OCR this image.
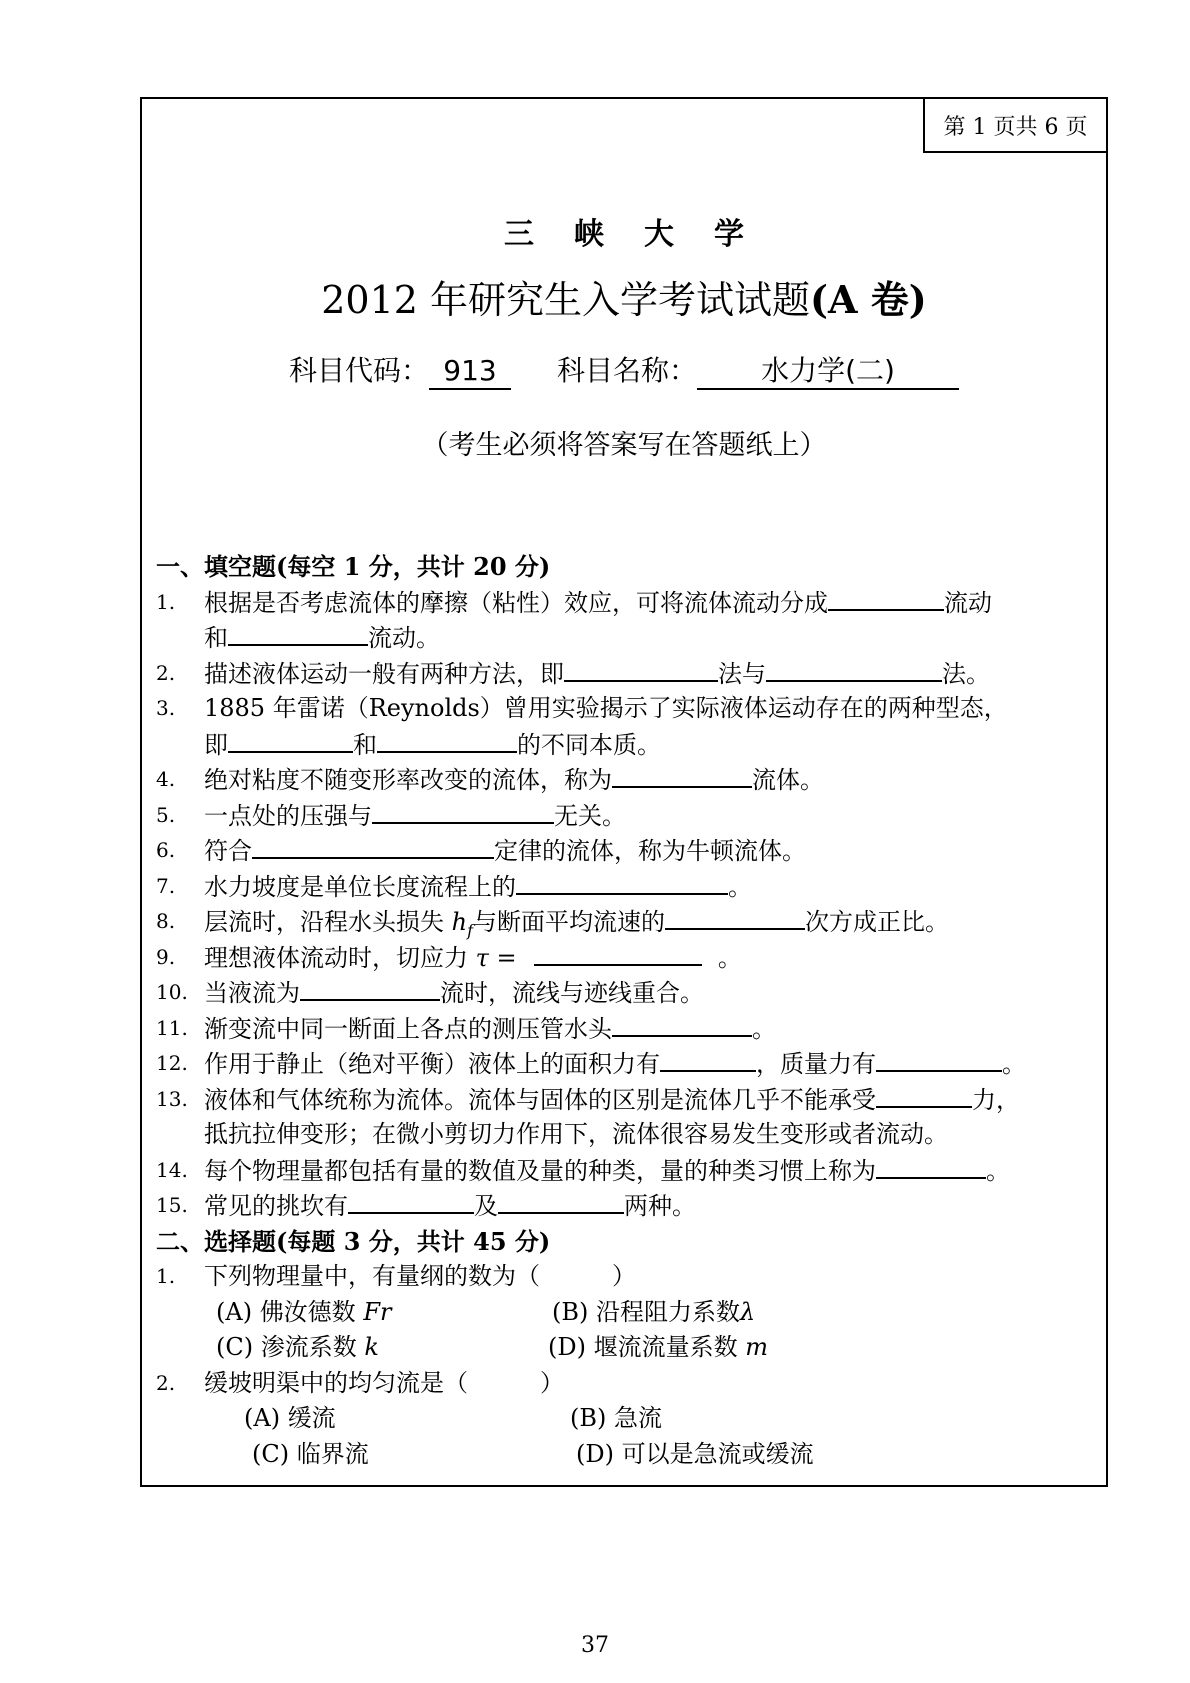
第 1 页共 6 页
三峡大学
2012 年研究生入学考试试题(A 卷)
科目代码： 913 科目名称： 水力学(二)
（考生必须将答案写在答题纸上）
一、填空题(每空 1 分，共计 20 分)
1.	根据是否考虑流体的摩擦（粘性）效应，可将流体流动分成	流动
和	流动。
2.	描述液体运动一般有两种方法，即	法与	法。
3.	1885 年雷诺（Reynolds）曾用实验揭示了实际液体运动存在的两种型态，
即	和	的不同本质。
4.	绝对粘度不随变形率改变的流体，称为	流体。
5.	一点处的压强与	无关。
6.	符合	定律的流体，称为牛顿流体。
7.	水力坡度是单位长度流程上的	。
8.	层流时，沿程水头损失 $h_f$与断面平均流速的	次方成正比。
9.	理想液体流动时，切应力 τ =	。
10. 当液流为	流时，流线与迹线重合。
11. 渐变流中同一断面上各点的测压管水头	。
12. 作用于静止（绝对平衡）液体上的面积力有	，质量力有	。
13. 液体和气体统称为流体。流体与固体的区别是流体几乎不能承受	力，
抵抗拉伸变形；在微小剪切力作用下，流体很容易发生变形或者流动。
14. 每个物理量都包括有量的数值及量的种类，量的种类习惯上称为	。
15. 常见的挑坎有	及	两种。
二、选择题(每题 3 分，共计 45 分)
1.	下列物理量中，有量纲的数为（　　　）
(A) 佛汝德数 Fr	(B) 沿程阻力系数λ
(C) 渗流系数 k	(D) 堰流流量系数 m
2.	缓坡明渠中的均匀流是（　　　）
(A) 缓流	(B) 急流
(C) 临界流	(D) 可以是急流或缓流
37
